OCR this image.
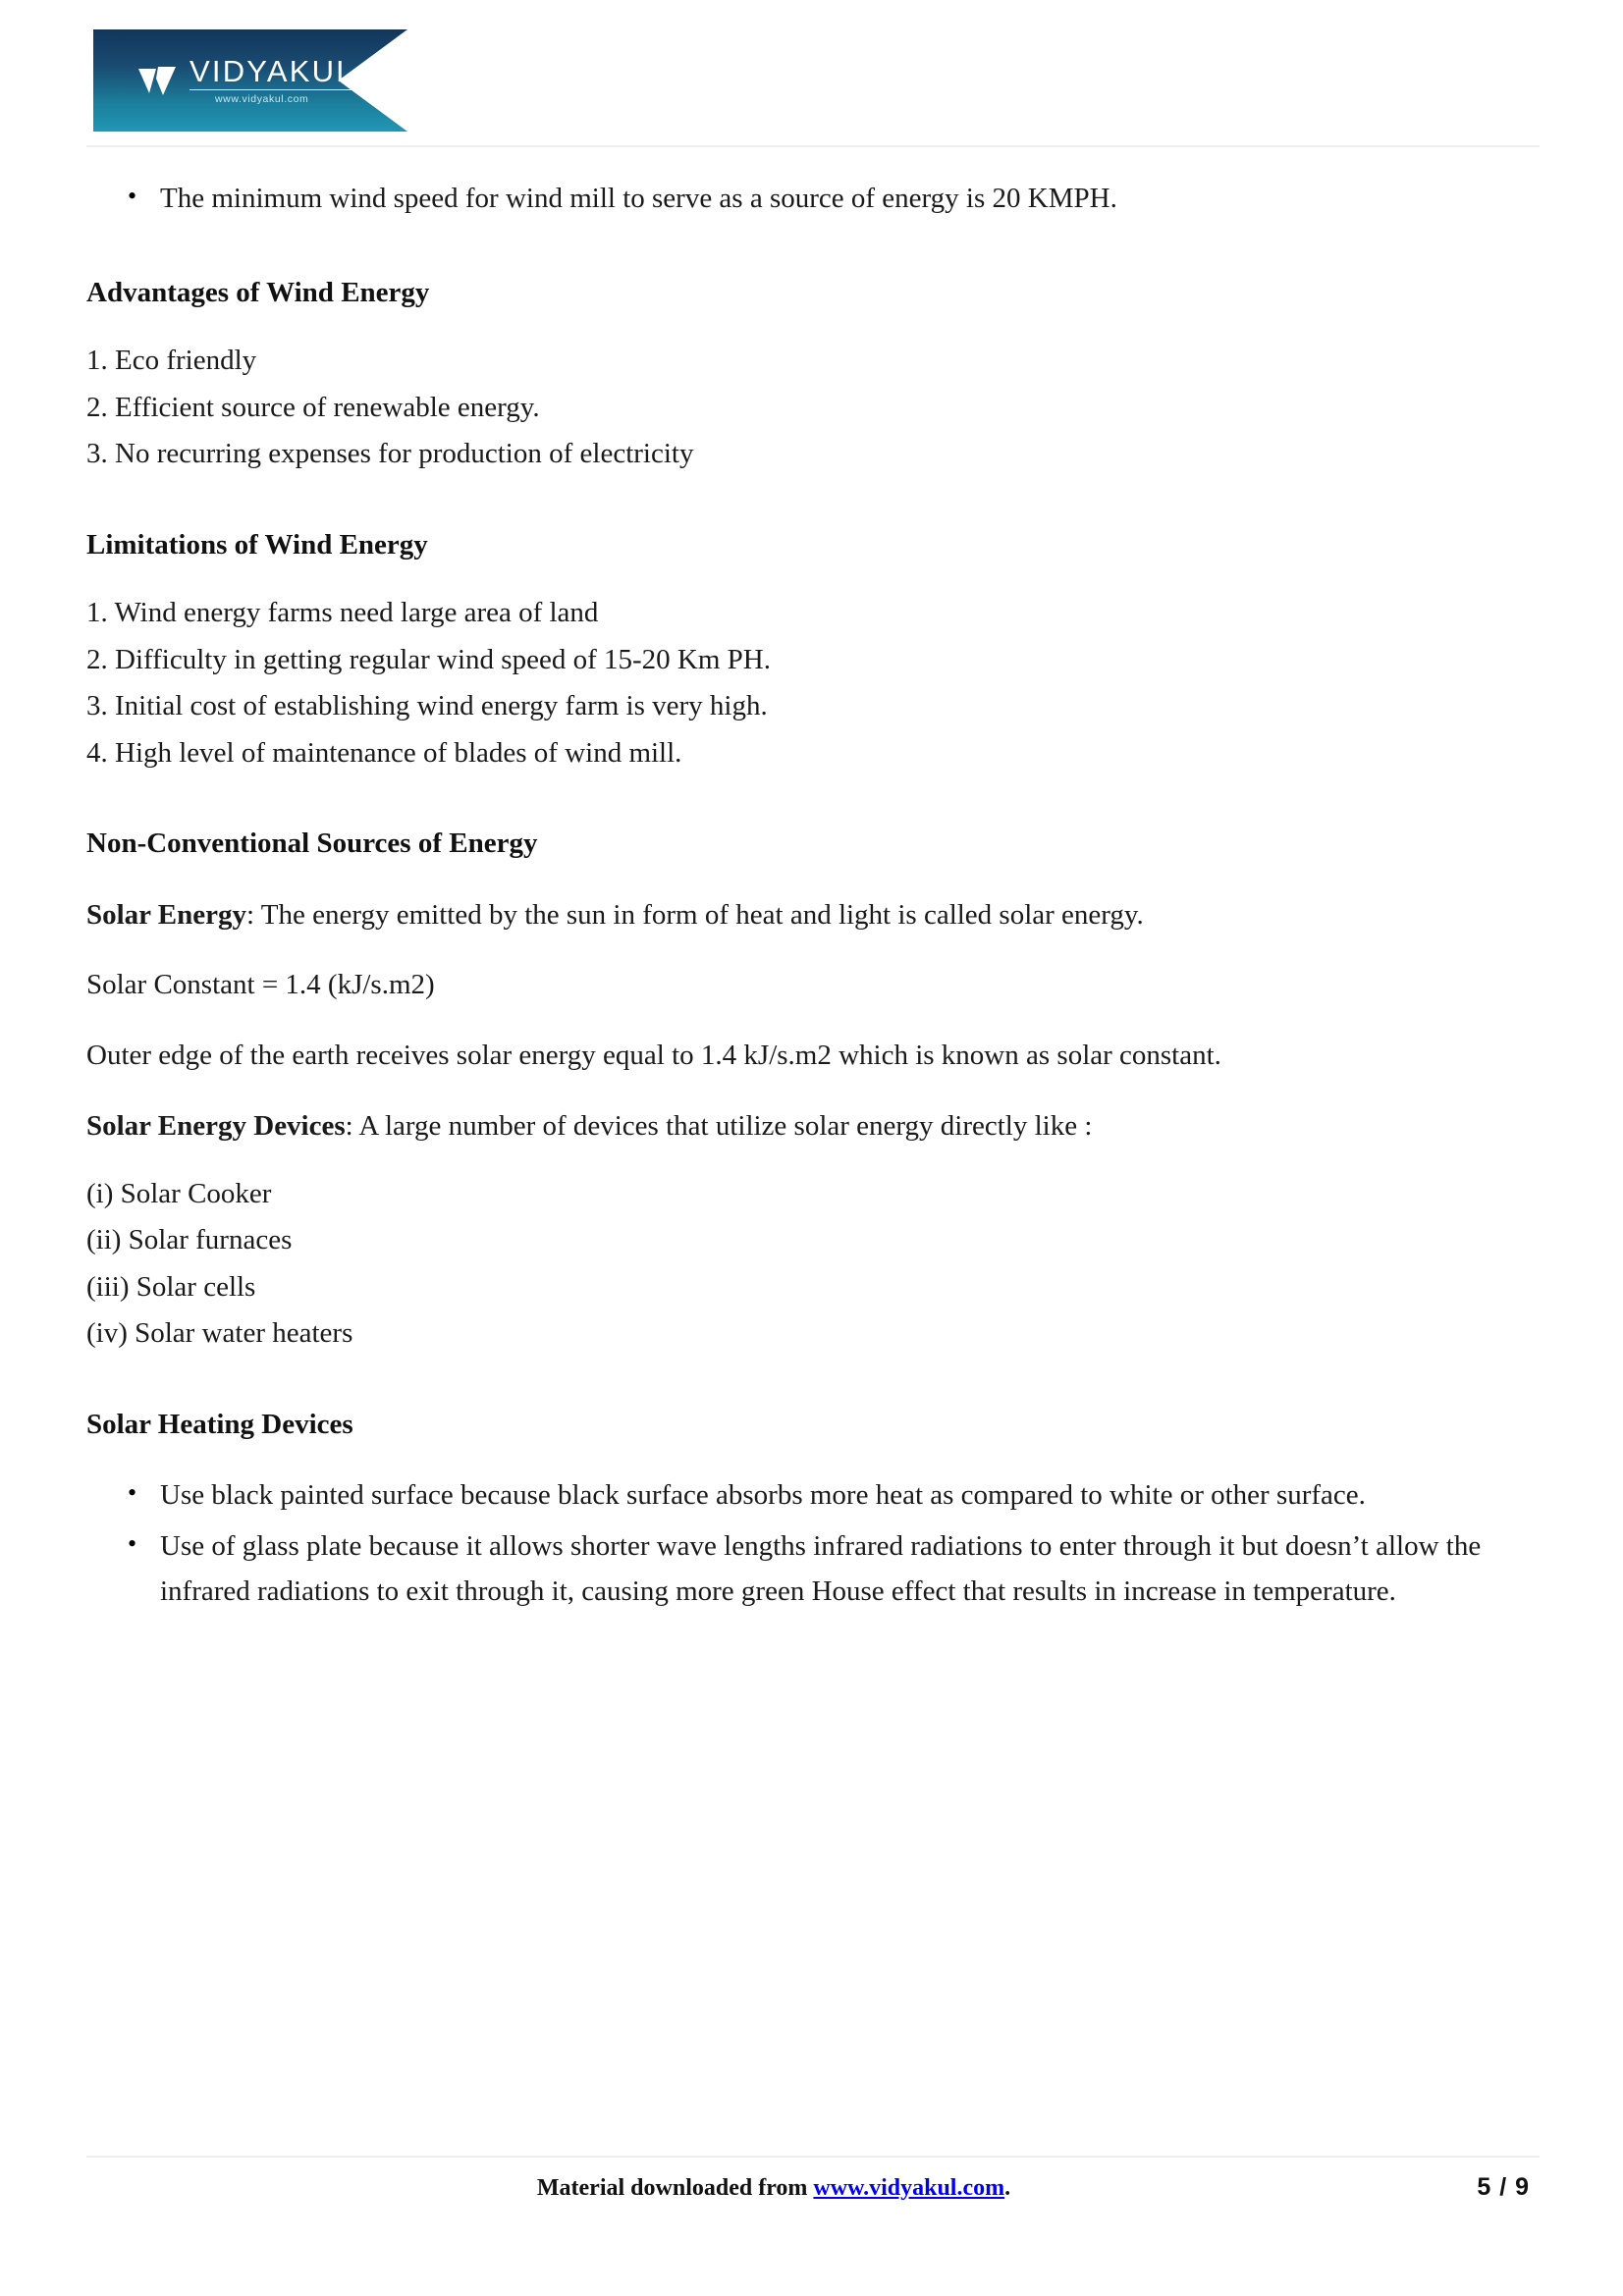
VIDYAKUL
www.vidyakul.com
• The minimum wind speed for wind mill to serve as a source of energy is 20 KMPH.
Advantages of Wind Energy
1. Eco friendly
2. Efficient source of renewable energy.
3. No recurring expenses for production of electricity
Limitations of Wind Energy
1. Wind energy farms need large area of land
2. Difficulty in getting regular wind speed of 15-20 Km PH.
3. Initial cost of establishing wind energy farm is very high.
4. High level of maintenance of blades of wind mill.
Non-Conventional Sources of Energy

Solar Energy: The energy emitted by the sun in form of heat and light is called solar energy.

Solar Constant = 1.4 (kJ/s.m2)

Outer edge of the earth receives solar energy equal to 1.4 kJ/s.m2 which is known as solar constant.

Solar Energy Devices: A large number of devices that utilize solar energy directly like :

(i) Solar Cooker
(ii) Solar furnaces
(iii) Solar cells
(iv) Solar water heaters
Solar Heating Devices
• Use black painted surface because black surface absorbs more heat as compared to white or other surface.
• Use of glass plate because it allows shorter wave lengths infrared radiations to enter through it but doesn’t allow the infrared radiations to exit through it, causing more green House effect that results in increase in temperature.
Material downloaded from www.vidyakul.com.	5 / 9
